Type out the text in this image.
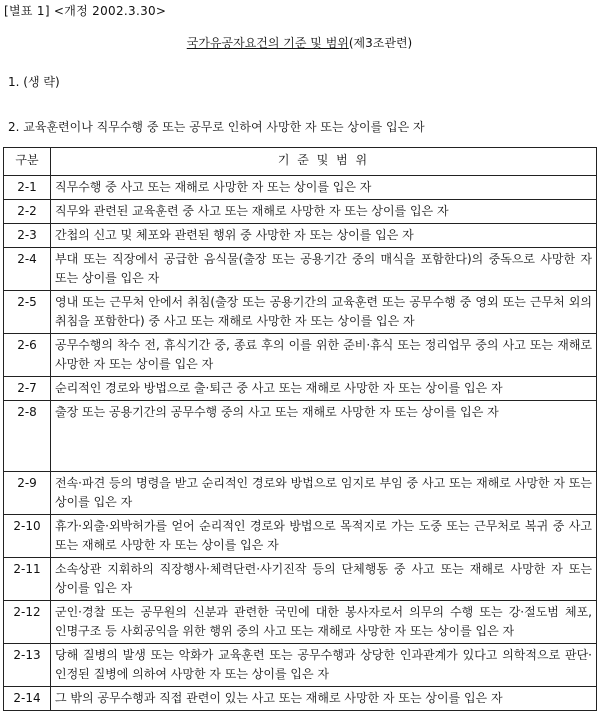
[별표 1] <개정 2002.3.30>
국가유공자요건의 기준 및 범위(제3조관련)
1. (생 략)
2. 교육훈련이나 직무수행 중 또는 공무로 인하여 사망한 자 또는 상이를 입은 자
구분	기 준 및 범 위
2-1	직무수행 중 사고 또는 재해로 사망한 자 또는 상이를 입은 자
2-2	직무와 관련된 교육훈련 중 사고 또는 재해로 사망한 자 또는 상이를 입은 자
2-3	간첩의 신고 및 체포와 관련된 행위 중 사망한 자 또는 상이를 입은 자
2-4	부대 또는 직장에서 공급한 음식물(출장 또는 공용기간 중의 매식을 포함한다)의 중독으로 사망한 자 또는 상이를 입은 자
2-5	영내 또는 근무처 안에서 취침(출장 또는 공용기간의 교육훈련 또는 공무수행 중 영외 또는 근무처 외의 취침을 포함한다) 중 사고 또는 재해로 사망한 자 또는 상이를 입은 자
2-6	공무수행의 착수 전, 휴식기간 중, 종료 후의 이를 위한 준비·휴식 또는 정리업무 중의 사고 또는 재해로 사망한 자 또는 상이를 입은 자
2-7	순리적인 경로와 방법으로 출·퇴근 중 사고 또는 재해로 사망한 자 또는 상이를 입은 자
2-8	출장 또는 공용기간의 공무수행 중의 사고 또는 재해로 사망한 자 또는 상이를 입은 자
2-9	전속·파견 등의 명령을 받고 순리적인 경로와 방법으로 임지로 부임 중 사고 또는 재해로 사망한 자 또는 상이를 입은 자
2-10	휴가·외출·외박허가를 얻어 순리적인 경로와 방법으로 목적지로 가는 도중 또는 근무처로 복귀 중 사고 또는 재해로 사망한 자 또는 상이를 입은 자
2-11	소속상관 지휘하의 직장행사·체력단련·사기진작 등의 단체행동 중 사고 또는 재해로 사망한 자 또는 상이를 입은 자
2-12	군인·경찰 또는 공무원의 신분과 관련한 국민에 대한 봉사자로서 의무의 수행 또는 강·절도범 체포, 인명구조 등 사회공익을 위한 행위 중의 사고 또는 재해로 사망한 자 또는 상이를 입은 자
2-13	당해 질병의 발생 또는 악화가 교육훈련 또는 공무수행과 상당한 인과관계가 있다고 의학적으로 판단·인정된 질병에 의하여 사망한 자 또는 상이를 입은 자
2-14	그 밖의 공무수행과 직접 관련이 있는 사고 또는 재해로 사망한 자 또는 상이를 입은 자
